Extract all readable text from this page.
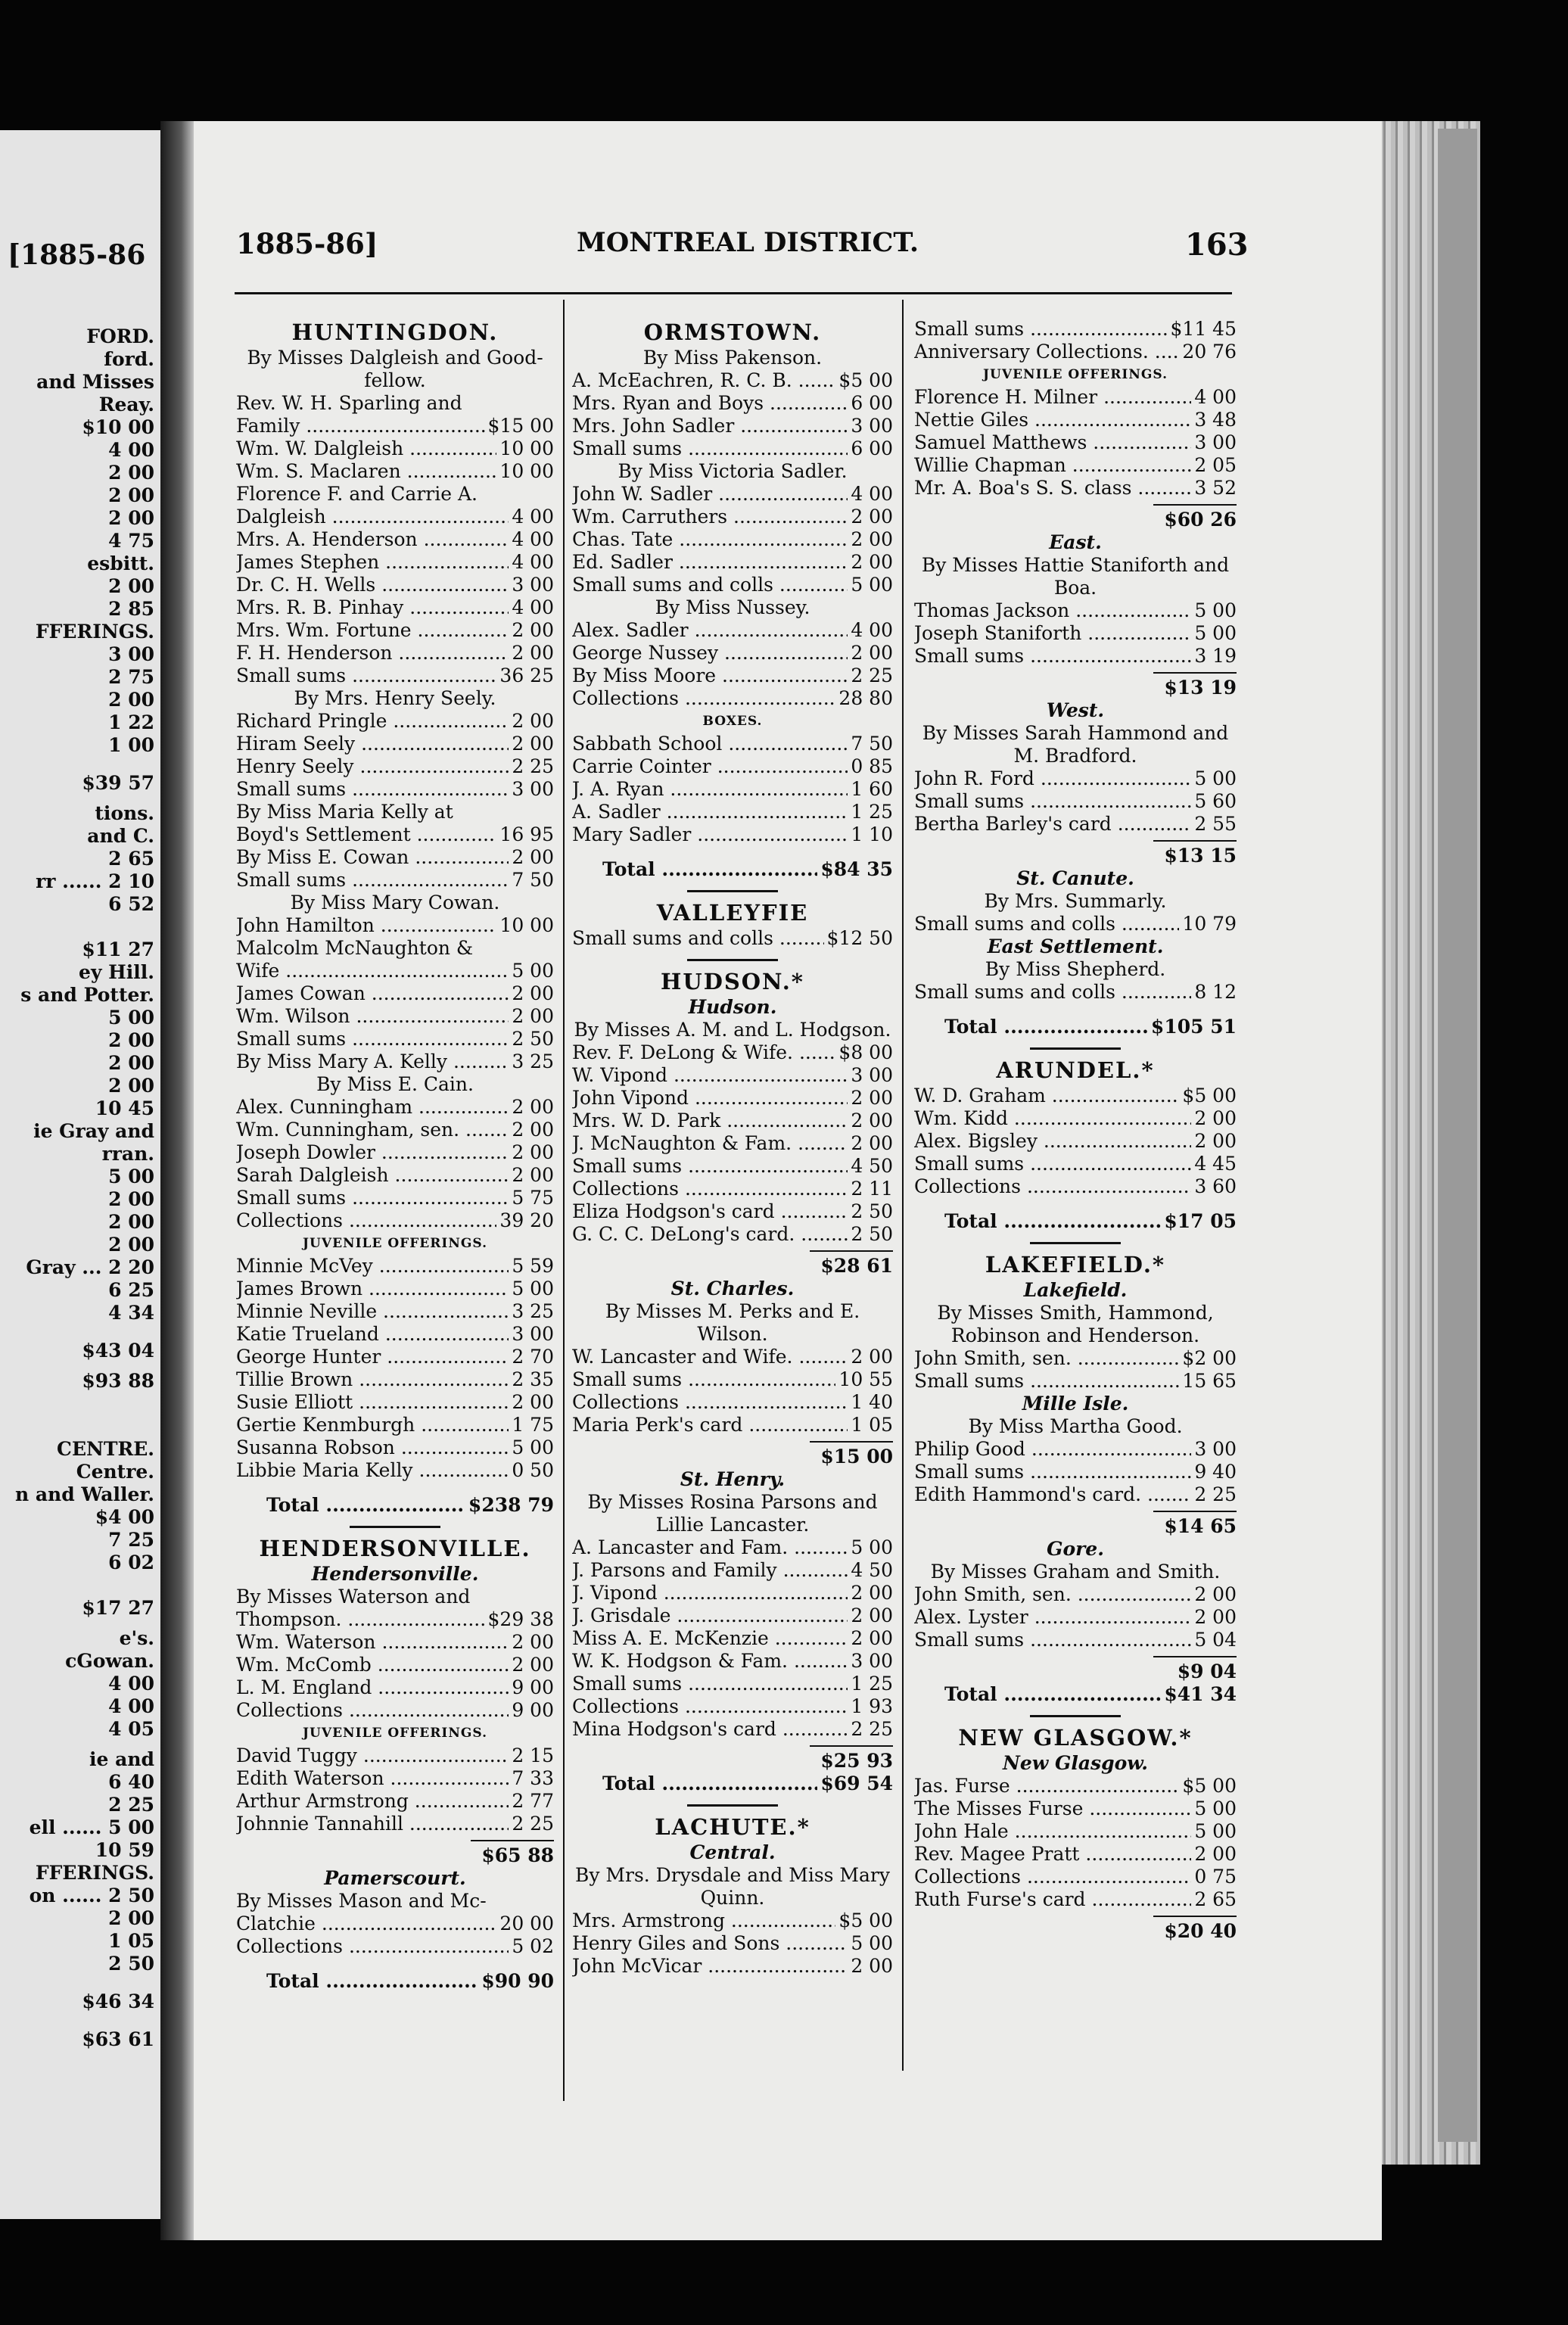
[1885-86
FORD.
ford.
and Misses
Reay.
$10 00
4 00
2 00
2 00
2 00
4 75
esbitt.
2 00
2 85
FFERINGS.
3 00
2 75
2 00
1 22
1 00
$39 57
tions.
and C.
2 65
rr ...... 2 10
6 52
$11 27
ey Hill.
s and Potter.
5 00
2 00
2 00
2 00
10 45
ie Gray and
rran.
5 00
2 00
2 00
2 00
Gray ... 2 20
6 25
4 34
$43 04
$93 88
CENTRE.
Centre.
n and Waller.
$4 00
7 25
6 02
$17 27
e's.
cGowan.
4 00
4 00
4 05
ie and
6 40
2 25
ell ...... 5 00
10 59
FFERINGS.
on ...... 2 50
2 00
1 05
2 50
$46 34
$63 61
1885-86]	MONTREAL DISTRICT.	163
HUNTINGDON.
By Misses Dalgleish and Good-fellow.
Rev. W. H. Sparling and
Family .....	$15 00
Wm. W. Dalgleish .....	10 00
Wm. S. Maclaren .....	10 00
Florence F. and Carrie A.
Dalgleish .....	4 00
Mrs. A. Henderson .....	4 00
James Stephen .....	4 00
Dr. C. H. Wells .....	3 00
Mrs. R. B. Pinhay .....	4 00
Mrs. Wm. Fortune .....	2 00
F. H. Henderson .....	2 00
Small sums .....	36 25
By Mrs. Henry Seely.
Richard Pringle .....	2 00
Hiram Seely .....	2 00
Henry Seely .....	2 25
Small sums .....	3 00
By Miss Maria Kelly at
Boyd's Settlement .....	16 95
By Miss E. Cowan .....	2 00
Small sums .....	7 50
By Miss Mary Cowan.
John Hamilton .....	10 00
Malcolm McNaughton &
Wife .....	5 00
James Cowan .....	2 00
Wm. Wilson .....	2 00
Small sums .....	2 50
By Miss Mary A. Kelly .....	3 25
By Miss E. Cain.
Alex. Cunningham .....	2 00
Wm. Cunningham, sen. .....	2 00
Joseph Dowler .....	2 00
Sarah Dalgleish .....	2 00
Small sums .....	5 75
Collections .....	39 20
JUVENILE OFFERINGS.
Minnie McVey .....	5 59
James Brown .....	5 00
Minnie Neville .....	3 25
Katie Trueland .....	3 00
George Hunter .....	2 70
Tillie Brown .....	2 35
Susie Elliott .....	2 00
Gertie Kenmburgh .....	1 75
Susanna Robson .....	5 00
Libbie Maria Kelly .....	0 50
Total .....	$238 79
HENDERSONVILLE.
Hendersonville.
By Misses Waterson and
Thompson. .....	$29 38
Wm. Waterson .....	2 00
Wm. McComb .....	2 00
L. M. England .....	9 00
Collections .....	9 00
JUVENILE OFFERINGS.
David Tuggy .....	2 15
Edith Waterson .....	7 33
Arthur Armstrong .....	2 77
Johnnie Tannahill .....	2 25
$65 88
Pamerscourt.
By Misses Mason and Mc-
Clatchie .....	20 00
Collections .....	5 02
Total .....	$90 90
ORMSTOWN.
By Miss Pakenson.
A. McEachren, R. C. B. .....	$5 00
Mrs. Ryan and Boys .....	6 00
Mrs. John Sadler .....	3 00
Small sums .....	6 00
By Miss Victoria Sadler.
John W. Sadler .....	4 00
Wm. Carruthers .....	2 00
Chas. Tate .....	2 00
Ed. Sadler .....	2 00
Small sums and colls .....	5 00
By Miss Nussey.
Alex. Sadler .....	4 00
George Nussey .....	2 00
By Miss Moore .....	2 25
Collections .....	28 80
BOXES.
Sabbath School .....	7 50
Carrie Cointer .....	0 85
J. A. Ryan .....	1 60
A. Sadler .....	1 25
Mary Sadler .....	1 10
Total .....	$84 35
VALLEYFIE
Small sums and colls .....	$12 50
HUDSON.*
Hudson.
By Misses A. M. and L. Hodgson.
Rev. F. DeLong & Wife. .....	$8 00
W. Vipond .....	3 00
John Vipond .....	2 00
Mrs. W. D. Park .....	2 00
J. McNaughton & Fam. .....	2 00
Small sums .....	4 50
Collections .....	2 11
Eliza Hodgson's card .....	2 50
G. C. C. DeLong's card. .....	2 50
$28 61
St. Charles.
By Misses M. Perks and E. Wilson.
W. Lancaster and Wife. .....	2 00
Small sums .....	10 55
Collections .....	1 40
Maria Perk's card .....	1 05
$15 00
St. Henry.
By Misses Rosina Parsons and Lillie Lancaster.
A. Lancaster and Fam. .....	5 00
J. Parsons and Family .....	4 50
J. Vipond .....	2 00
J. Grisdale .....	2 00
Miss A. E. McKenzie .....	2 00
W. K. Hodgson & Fam. .....	3 00
Small sums .....	1 25
Collections .....	1 93
Mina Hodgson's card .....	2 25
$25 93
Total .....	$69 54
LACHUTE.*
Central.
By Mrs. Drysdale and Miss Mary Quinn.
Mrs. Armstrong .....	$5 00
Henry Giles and Sons .....	5 00
John McVicar .....	2 00
Small sums .....	$11 45
Anniversary Collections. .....	20 76
JUVENILE OFFERINGS.
Florence H. Milner .....	4 00
Nettie Giles .....	3 48
Samuel Matthews .....	3 00
Willie Chapman .....	2 05
Mr. A. Boa's S. S. class .....	3 52
$60 26
East.
By Misses Hattie Staniforth and Boa.
Thomas Jackson .....	5 00
Joseph Staniforth .....	5 00
Small sums .....	3 19
$13 19
West.
By Misses Sarah Hammond and M. Bradford.
John R. Ford .....	5 00
Small sums .....	5 60
Bertha Barley's card .....	2 55
$13 15
St. Canute.
By Mrs. Summarly.
Small sums and colls .....	10 79
East Settlement.
By Miss Shepherd.
Small sums and colls .....	8 12
Total .....	$105 51
ARUNDEL.*
W. D. Graham .....	$5 00
Wm. Kidd .....	2 00
Alex. Bigsley .....	2 00
Small sums .....	4 45
Collections .....	3 60
Total .....	$17 05
LAKEFIELD.*
Lakefield.
By Misses Smith, Hammond, Robinson and Henderson.
John Smith, sen. .....	$2 00
Small sums .....	15 65
Mille Isle.
By Miss Martha Good.
Philip Good .....	3 00
Small sums .....	9 40
Edith Hammond's card. .....	2 25
$14 65
Gore.
By Misses Graham and Smith.
John Smith, sen. .....	2 00
Alex. Lyster .....	2 00
Small sums .....	5 04
$9 04
Total .....	$41 34
NEW GLASGOW.*
New Glasgow.
Jas. Furse .....	$5 00
The Misses Furse .....	5 00
John Hale .....	5 00
Rev. Magee Pratt .....	2 00
Collections .....	0 75
Ruth Furse's card .....	2 65
$20 40
